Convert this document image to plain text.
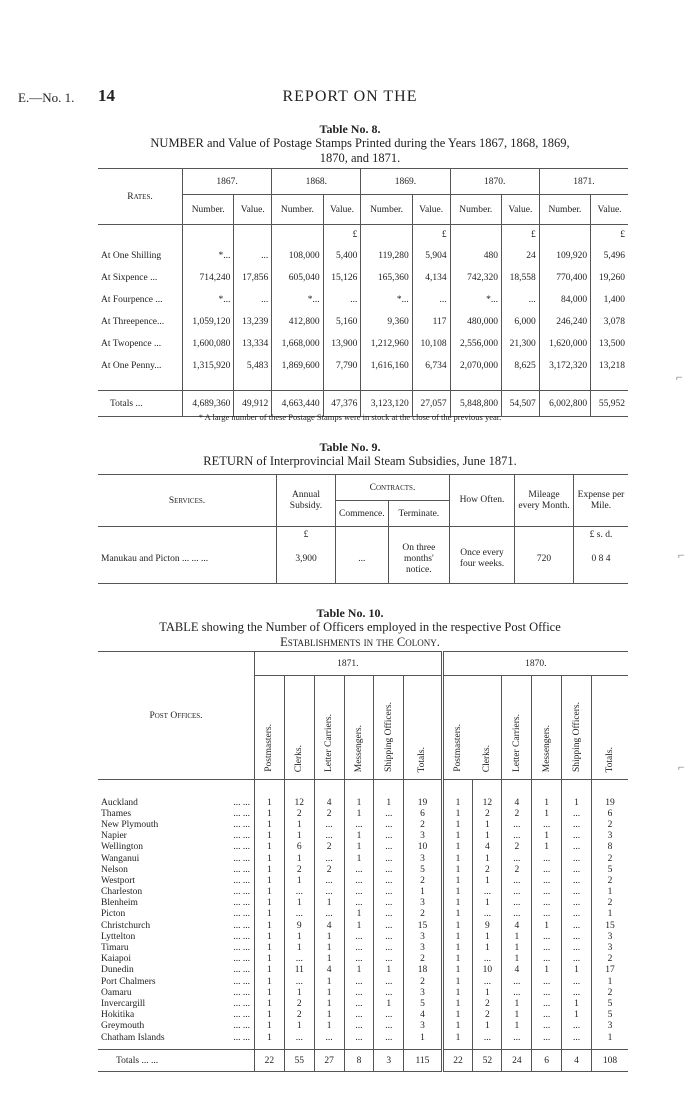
E.—No. 1. 14	REPORT ON THE
Table No. 8.
NUMBER and Value of Postage Stamps Printed during the Years 1867, 1868, 1869,
1870, and 1871.
Rates.	1867.		1868.		1869.		1870.		1871.	
	Number.	Value.	Number.	Value.	Number.	Value.	Number.	Value.	Number.	Value.
				£		£		£		£
At One Shilling	*...	...	108,000	5,400	119,280	5,904	480	24	109,920	5,496
At Sixpence ...	714,240	17,856	605,040	15,126	165,360	4,134	742,320	18,558	770,400	19,260
At Fourpence ...	*...	...	*...	...	*...	...	*...	...	84,000	1,400
At Threepence...	1,059,120	13,239	412,800	5,160	9,360	117	480,000	6,000	246,240	3,078
At Twopence ...	1,600,080	13,334	1,668,000	13,900	1,212,960	10,108	2,556,000	21,300	1,620,000	13,500
At One Penny...	1,315,920	5,483	1,869,600	7,790	1,616,160	6,734	2,070,000	8,625	3,172,320	13,218

Totals ...	4,689,360	49,912	4,663,440	47,376	3,123,120	27,057	5,848,800	54,507	6,002,800	55,952
* A large number of these Postage Stamps were in stock at the close of the previous year.
Table No. 9.
RETURN of Interprovincial Mail Steam Subsidies, June 1871.
Services.	Annual Subsidy.	Contracts.		How Often.	Mileage every Month.	Expense per Mile.
		Commence.	Terminate.			
	£					£ s. d.
Manukau and Picton ... ... ...	3,900	...	On three months' notice.	Once every four weeks.	720	0 8 4

Table No. 10.
TABLE showing the Number of Officers employed in the respective Post Office
Establishments in the Colony.
Post Offices.	1871.						1870.					
	Postmasters.	Clerks.	Letter Carriers.	Messengers.	Shipping Officers.	Totals.	Postmasters.	Clerks.	Letter Carriers.	Messengers.	Shipping Officers.	Totals.

Auckland ... ...	1	12	4	1	1	19	1	12	4	1	1	19
Thames ... ...	1	2	2	1	...	6	1	2	2	1	...	6
New Plymouth ... ...	1	1	...	...	...	2	1	1	...	...	...	2
Napier ... ...	1	1	...	1	...	3	1	1	...	1	...	3
Wellington ... ...	1	6	2	1	...	10	1	4	2	1	...	8
Wanganui ... ...	1	1	...	1	...	3	1	1	...	...	...	2
Nelson ... ...	1	2	2	...	...	5	1	2	2	...	...	5
Westport ... ...	1	1	...	...	...	2	1	1	...	...	...	2
Charleston ... ...	1	...	...	...	...	1	1	...	...	...	...	1
Blenheim ... ...	1	1	1	...	...	3	1	1	...	...	...	2
Picton ... ...	1	...	...	1	...	2	1	...	...	...	...	1
Christchurch ... ...	1	9	4	1	...	15	1	9	4	1	...	15
Lyttelton ... ...	1	1	1	...	...	3	1	1	1	...	...	3
Timaru ... ...	1	1	1	...	...	3	1	1	1	...	...	3
Kaiapoi ... ...	1	...	1	...	...	2	1	...	1	...	...	2
Dunedin ... ...	1	11	4	1	1	18	1	10	4	1	1	17
Port Chalmers ... ...	1	...	1	...	...	2	1	...	...	...	...	1
Oamaru ... ...	1	1	1	...	...	3	1	1	...	...	...	2
Invercargill ... ...	1	2	1	...	1	5	1	2	1	...	1	5
Hokitika ... ...	1	2	1	...	...	4	1	2	1	...	1	5
Greymouth ... ...	1	1	1	...	...	3	1	1	1	...	...	3
Chatham Islands ... ...	1	...	...	...	...	1	1	...	...	...	...	1

Totals ... ...	22	55	27	8	3	115	22	52	24	6	4	108
⌐
⌐
⌐
